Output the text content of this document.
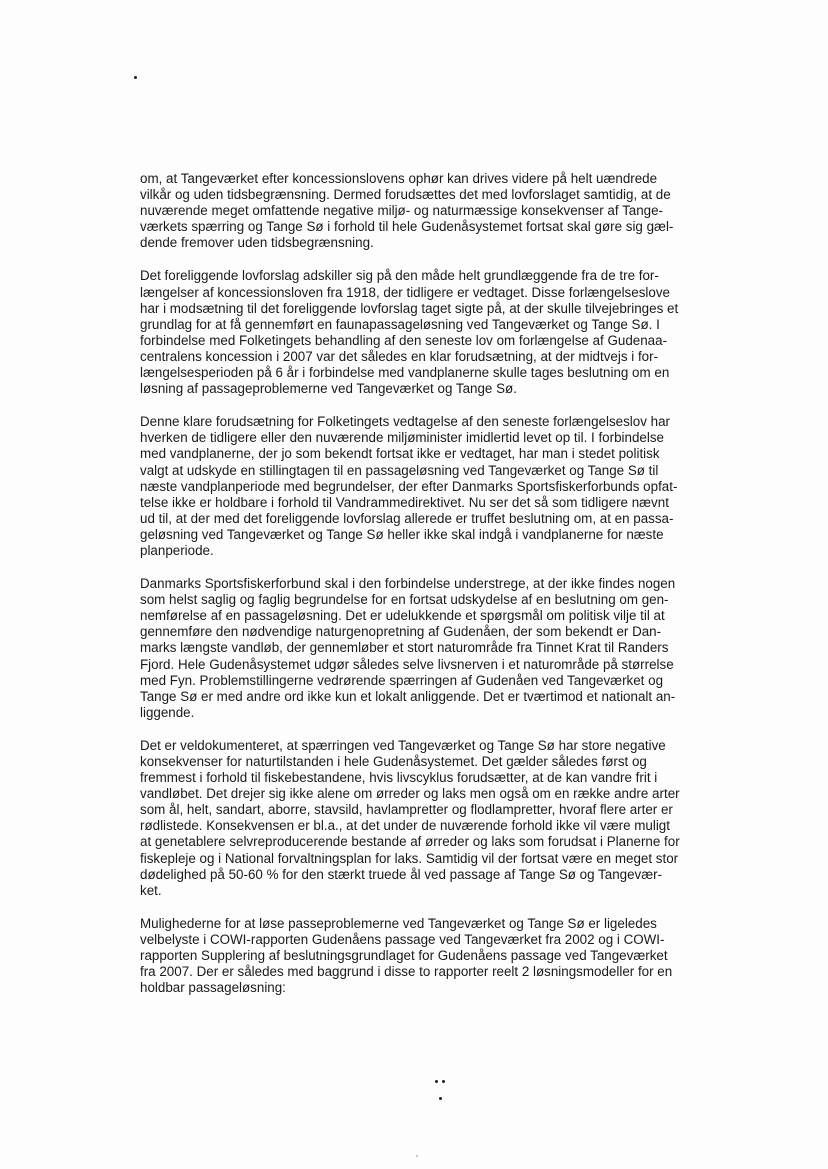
om, at Tangeværket efter koncessionslovens ophør kan drives videre på helt uændrede
vilkår og uden tidsbegrænsning. Dermed forudsættes det med lovforslaget samtidig, at de
nuværende meget omfattende negative miljø- og naturmæssige konsekvenser af Tange-
værkets spærring og Tange Sø i forhold til hele Gudenåsystemet fortsat skal gøre sig gæl-
dende fremover uden tidsbegrænsning.

Det foreliggende lovforslag adskiller sig på den måde helt grundlæggende fra de tre for-
længelser af koncessionsloven fra 1918, der tidligere er vedtaget. Disse forlængelseslove
har i modsætning til det foreliggende lovforslag taget sigte på, at der skulle tilvejebringes et
grundlag for at få gennemført en faunapassageløsning ved Tangeværket og Tange Sø. I
forbindelse med Folketingets behandling af den seneste lov om forlængelse af Gudenaa-
centralens koncession i 2007 var det således en klar forudsætning, at der midtvejs i for-
længelsesperioden på 6 år i forbindelse med vandplanerne skulle tages beslutning om en
løsning af passageproblemerne ved Tangeværket og Tange Sø.

Denne klare forudsætning for Folketingets vedtagelse af den seneste forlængelseslov har
hverken de tidligere eller den nuværende miljøminister imidlertid levet op til. I forbindelse
med vandplanerne, der jo som bekendt fortsat ikke er vedtaget, har man i stedet politisk
valgt at udskyde en stillingtagen til en passageløsning ved Tangeværket og Tange Sø til
næste vandplanperiode med begrundelser, der efter Danmarks Sportsfiskerforbunds opfat-
telse ikke er holdbare i forhold til Vandrammedirektivet. Nu ser det så som tidligere nævnt
ud til, at der med det foreliggende lovforslag allerede er truffet beslutning om, at en passa-
geløsning ved Tangeværket og Tange Sø heller ikke skal indgå i vandplanerne for næste
planperiode.

Danmarks Sportsfiskerforbund skal i den forbindelse understrege, at der ikke findes nogen
som helst saglig og faglig begrundelse for en fortsat udskydelse af en beslutning om gen-
nemførelse af en passageløsning. Det er udelukkende et spørgsmål om politisk vilje til at
gennemføre den nødvendige naturgenopretning af Gudenåen, der som bekendt er Dan-
marks længste vandløb, der gennemløber et stort naturområde fra Tinnet Krat til Randers
Fjord. Hele Gudenåsystemet udgør således selve livsnerven i et naturområde på størrelse
med Fyn. Problemstillingerne vedrørende spærringen af Gudenåen ved Tangeværket og
Tange Sø er med andre ord ikke kun et lokalt anliggende. Det er tværtimod et nationalt an-
liggende.

Det er veldokumenteret, at spærringen ved Tangeværket og Tange Sø har store negative
konsekvenser for naturtilstanden i hele Gudenåsystemet. Det gælder således først og
fremmest i forhold til fiskebestandene, hvis livscyklus forudsætter, at de kan vandre frit i
vandløbet. Det drejer sig ikke alene om ørreder og laks men også om en række andre arter
som ål, helt, sandart, aborre, stavsild, havlampretter og flodlampretter, hvoraf flere arter er
rødlistede. Konsekvensen er bl.a., at det under de nuværende forhold ikke vil være muligt
at genetablere selvreproducerende bestande af ørreder og laks som forudsat i Planerne for
fiskepleje og i National forvaltningsplan for laks. Samtidig vil der fortsat være en meget stor
dødelighed på 50-60 % for den stærkt truede ål ved passage af Tange Sø og Tangevær-
ket.

Mulighederne for at løse passeproblemerne ved Tangeværket og Tange Sø er ligeledes
velbelyste i COWI-rapporten Gudenåens passage ved Tangeværket fra 2002 og i COWI-
rapporten Supplering af beslutningsgrundlaget for Gudenåens passage ved Tangeværket
fra 2007. Der er således med baggrund i disse to rapporter reelt 2 løsningsmodeller for en
holdbar passageløsning:
